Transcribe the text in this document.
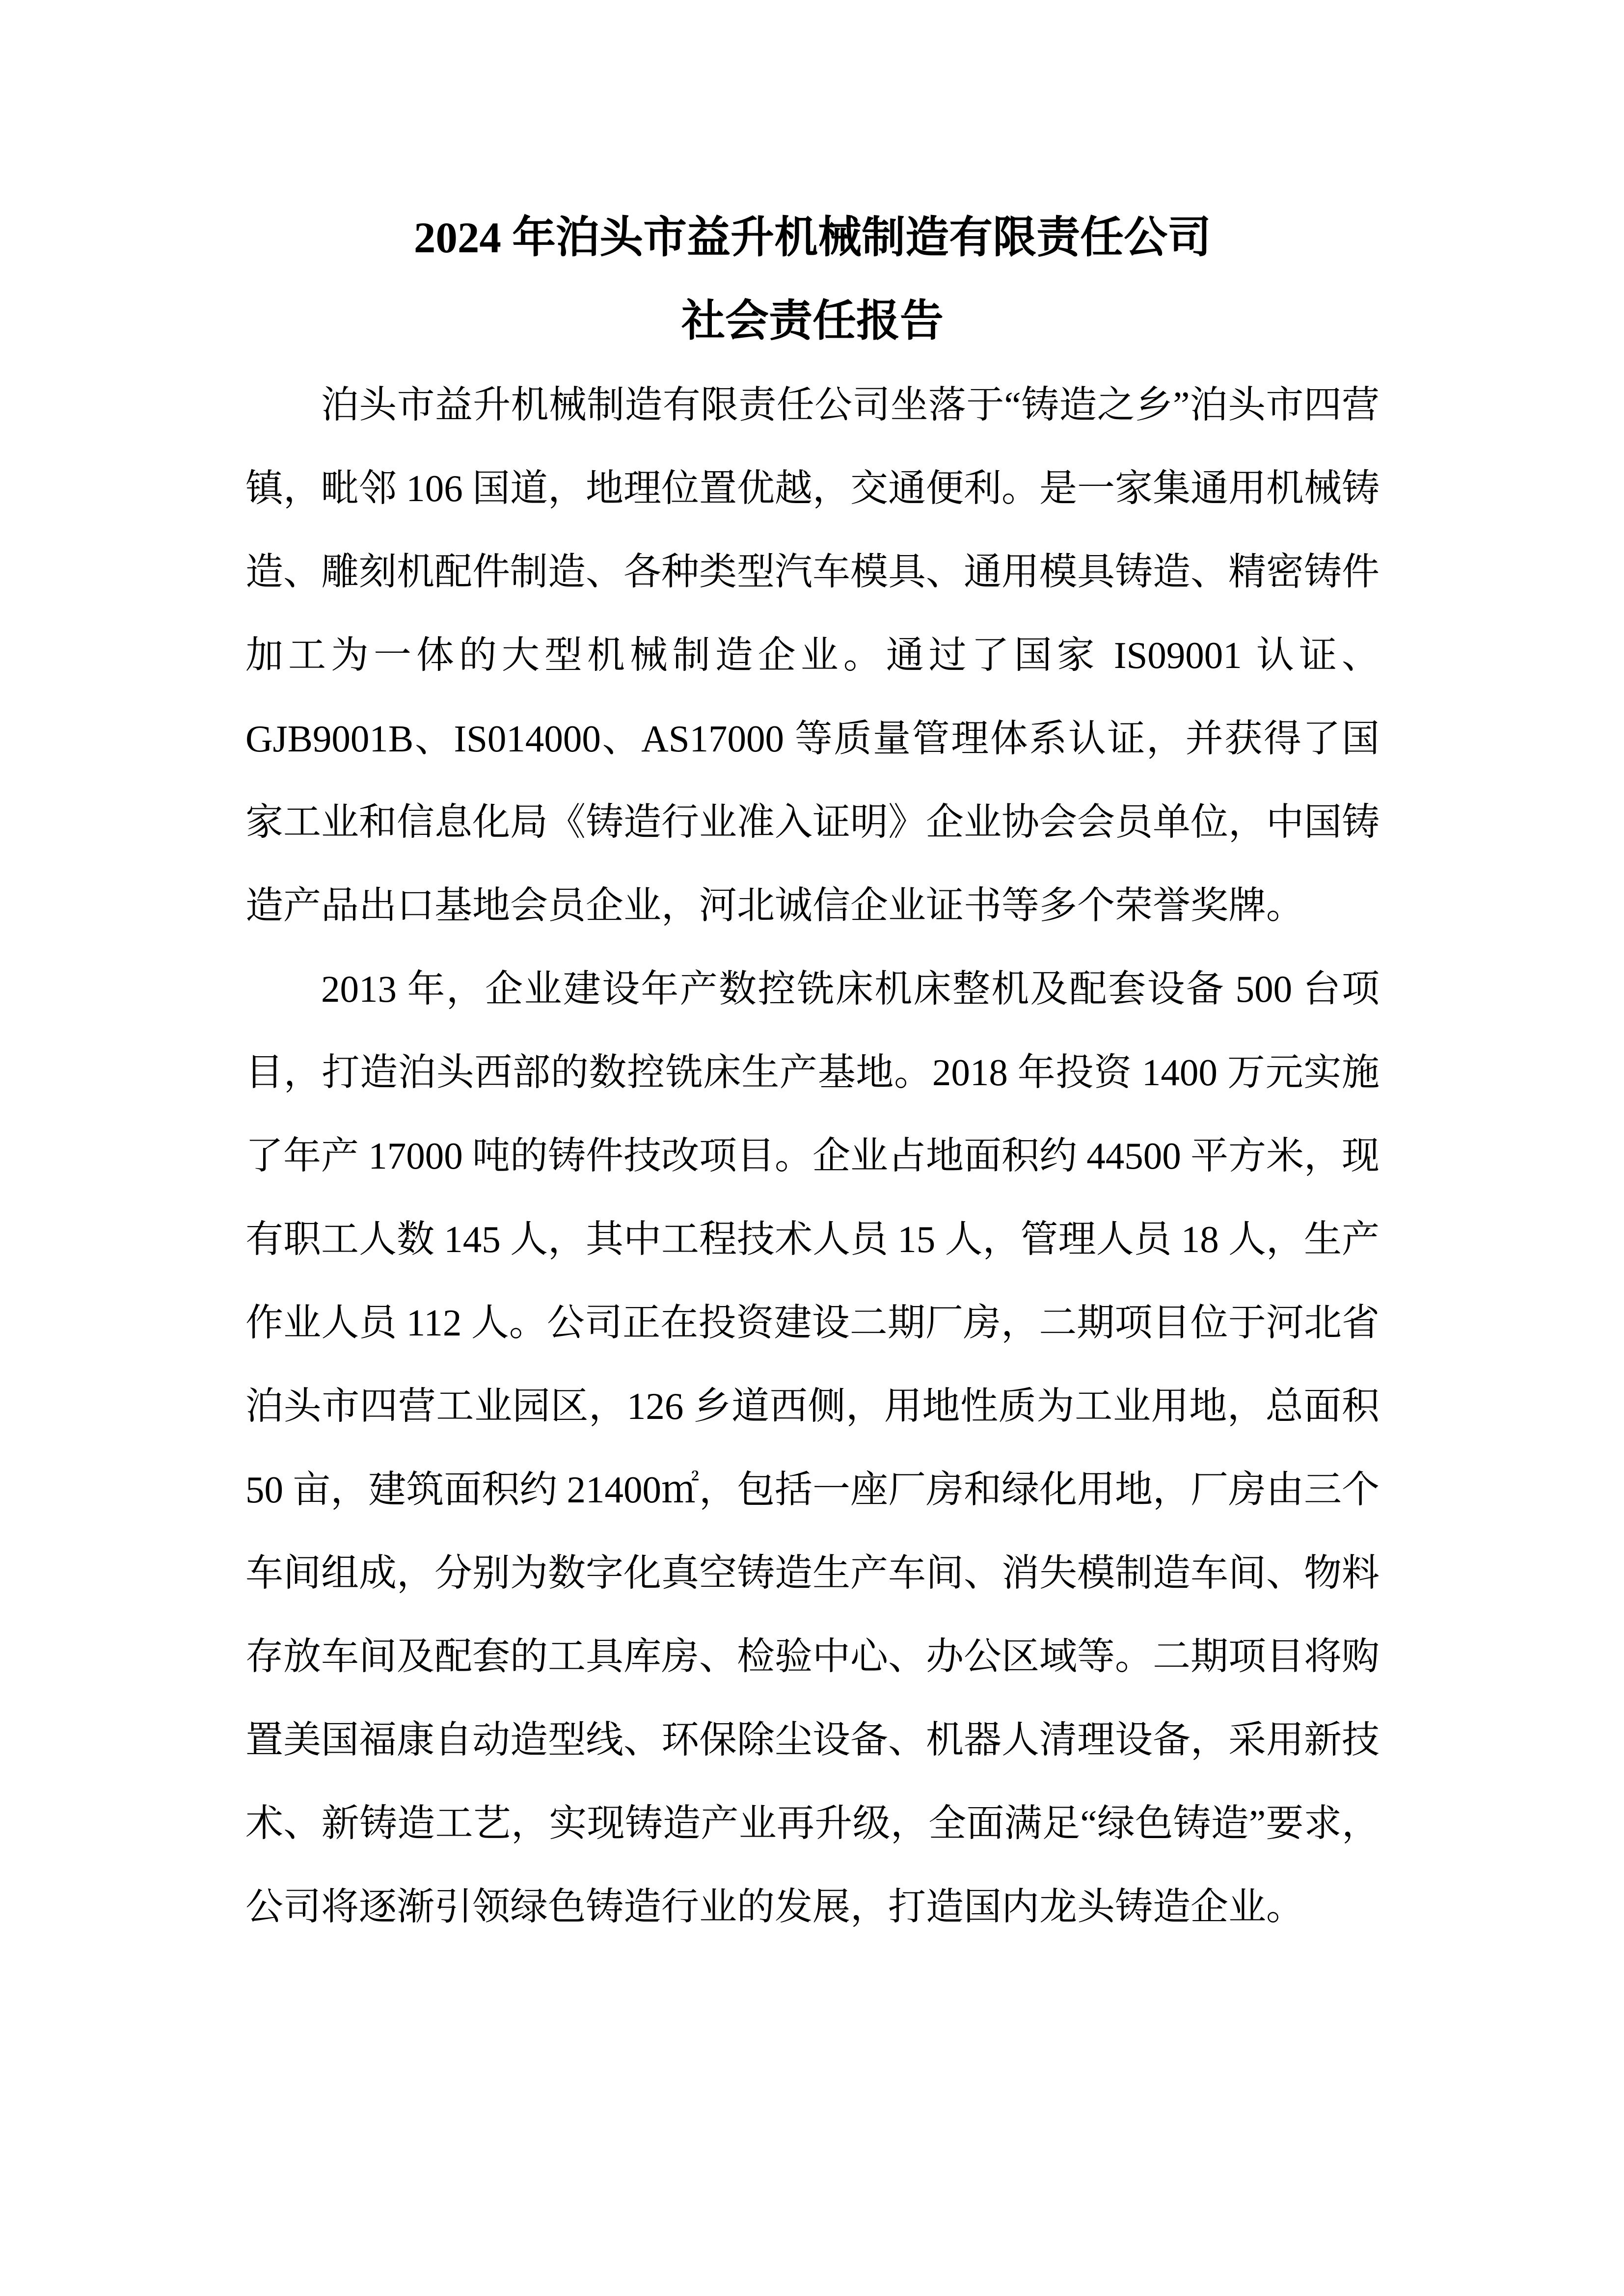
2024 年泊头市益升机械制造有限责任公司
社会责任报告

泊头市益升机械制造有限责任公司坐落于“铸造之乡”泊头市四营镇，毗邻 106 国道，地理位置优越，交通便利。是一家集通用机械铸造、雕刻机配件制造、各种类型汽车模具、通用模具铸造、精密铸件加工为一体的大型机械制造企业。通过了国家 IS09001 认证、GJB9001B、IS014000、AS17000 等质量管理体系认证，并获得了国家工业和信息化局《铸造行业准入证明》企业协会会员单位，中国铸造产品出口基地会员企业，河北诚信企业证书等多个荣誉奖牌。

2013 年，企业建设年产数控铣床机床整机及配套设备 500 台项目，打造泊头西部的数控铣床生产基地。2018 年投资 1400 万元实施了年产 17000 吨的铸件技改项目。企业占地面积约 44500 平方米，现有职工人数 145 人，其中工程技术人员 15 人，管理人员 18 人，生产作业人员 112 人。公司正在投资建设二期厂房，二期项目位于河北省泊头市四营工业园区，126 乡道西侧，用地性质为工业用地，总面积 50 亩，建筑面积约 21400㎡，包括一座厂房和绿化用地，厂房由三个车间组成，分别为数字化真空铸造生产车间、消失模制造车间、物料存放车间及配套的工具库房、检验中心、办公区域等。二期项目将购置美国福康自动造型线、环保除尘设备、机器人清理设备，采用新技术、新铸造工艺，实现铸造产业再升级，全面满足“绿色铸造”要求，公司将逐渐引领绿色铸造行业的发展，打造国内龙头铸造企业。
